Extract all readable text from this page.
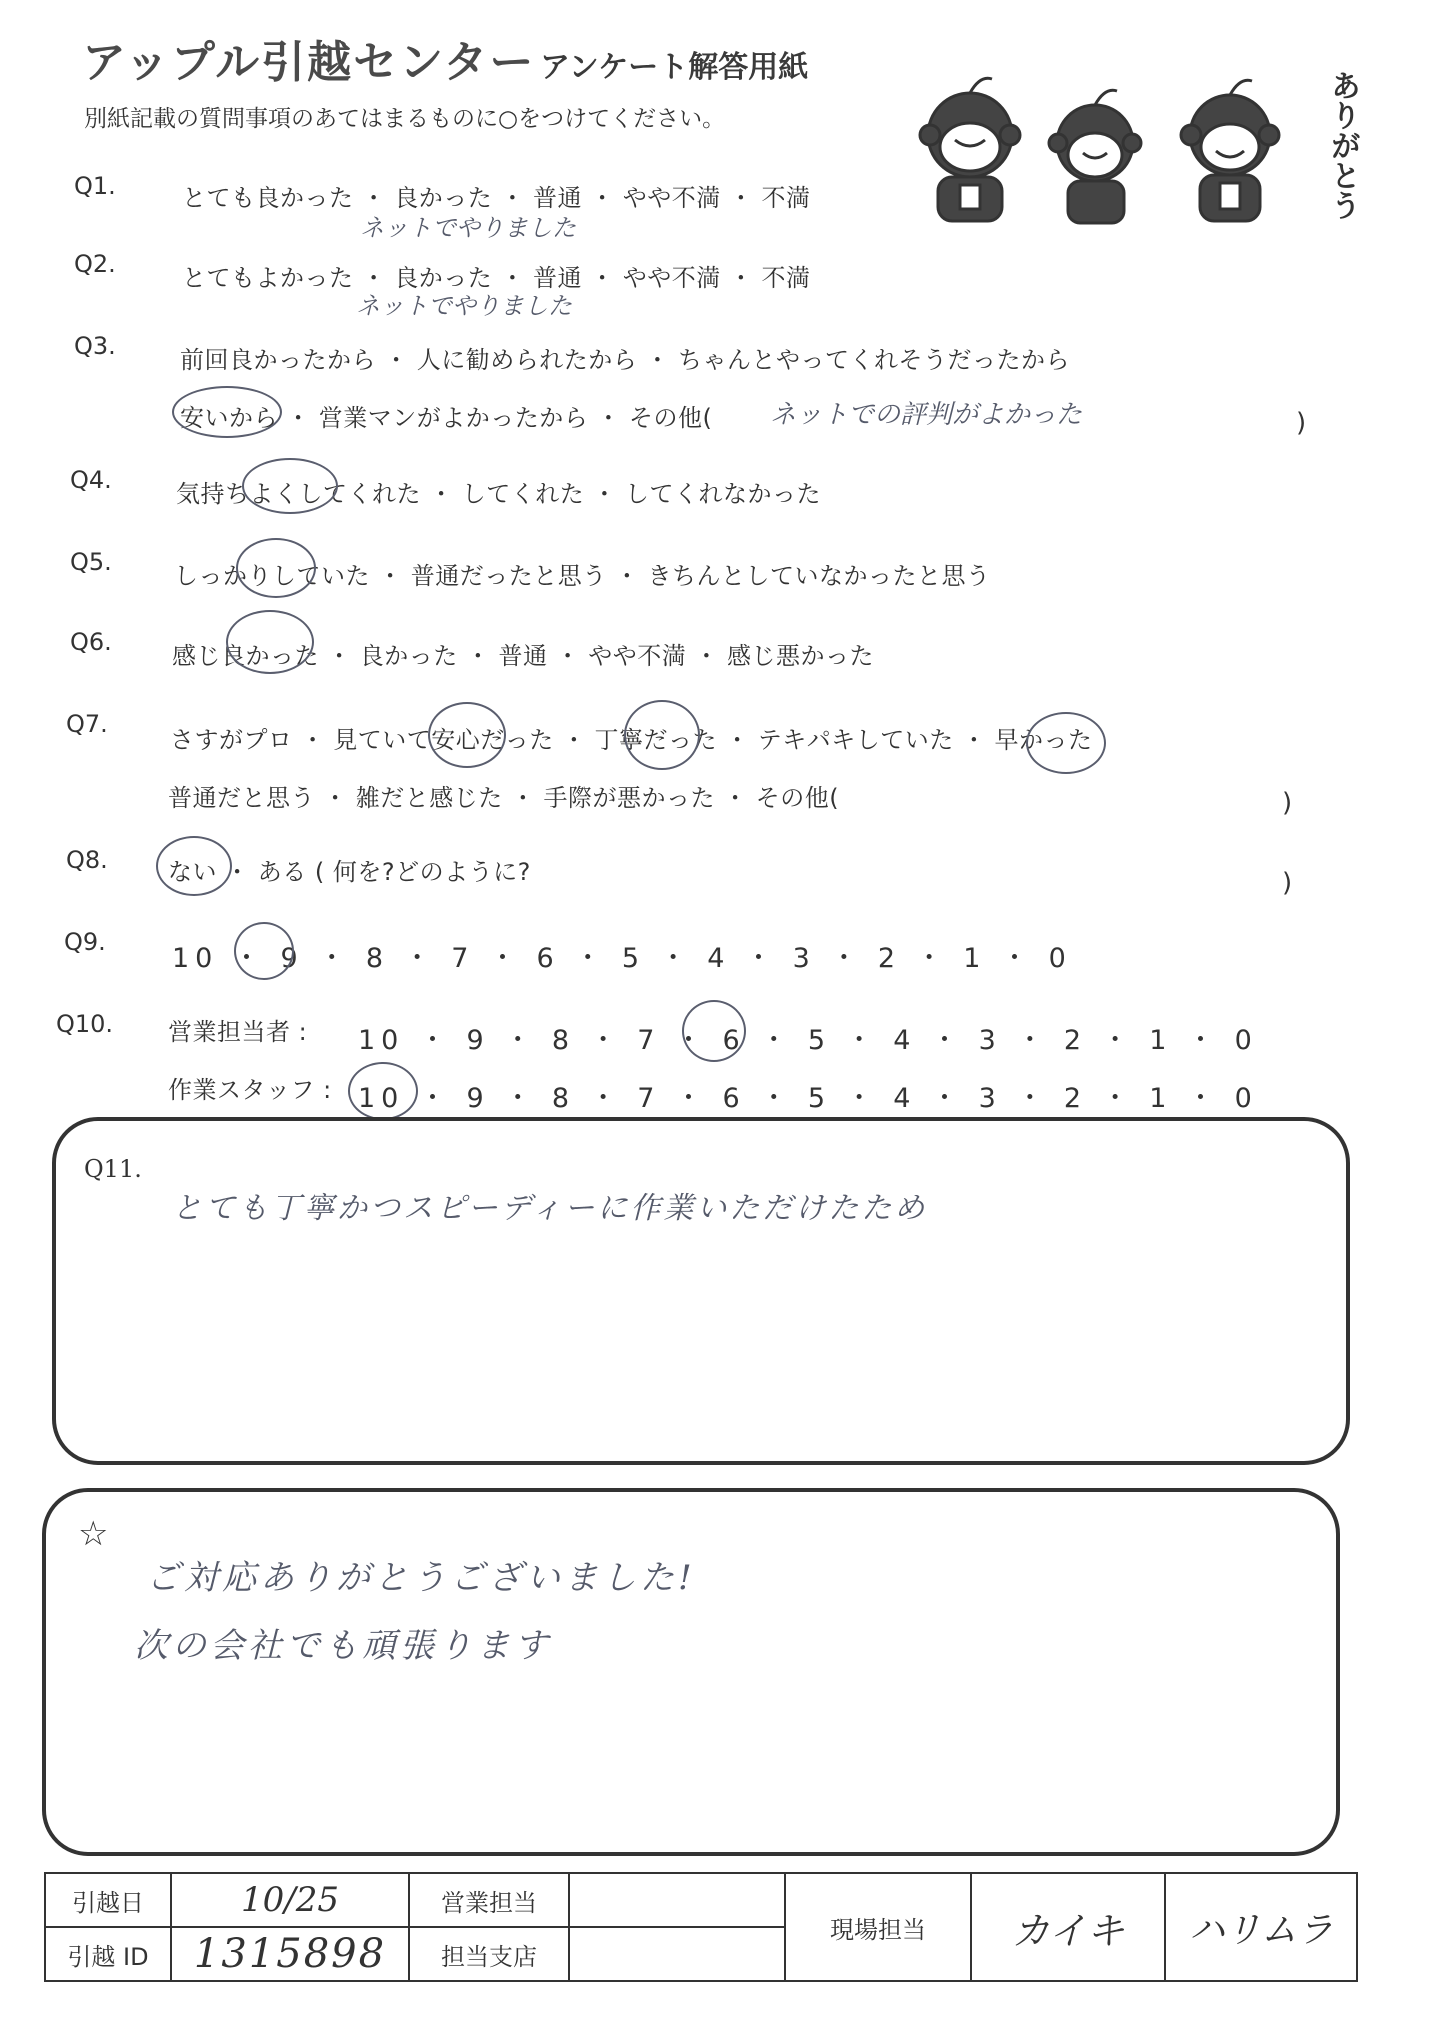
アップル引越センター アンケート解答用紙
別紙記載の質問事項のあてはまるものに○をつけてください。	ありがとう
Q1.	とても良かった ・ 良かった ・ 普通 ・ やや不満 ・ 不満
ネットでやりました
Q2.	とてもよかった ・ 良かった ・ 普通 ・ やや不満 ・ 不満
ネットでやりました
Q3.	前回良かったから ・ 人に勧められたから ・ ちゃんとやってくれそうだったから
安いから ・ 営業マンがよかったから ・ その他( ネットでの評判がよかった	)
Q4.	気持ちよくしてくれた ・ してくれた ・ してくれなかった
Q5.	しっかりしていた ・ 普通だったと思う ・ きちんとしていなかったと思う
Q6.	感じ良かった ・ 良かった ・ 普通 ・ やや不満 ・ 感じ悪かった
Q7.
さすがプロ ・ 見ていて安心だった ・ 丁寧だった ・ テキパキしていた ・ 早かった
普通だと思う ・ 雑だと感じた ・ 手際が悪かった ・ その他(	)
Q8.	ない ・ ある ( 何を?どのように?	)
Q9.
10 ・ 9 ・ 8 ・ 7 ・ 6 ・ 5 ・ 4 ・ 3 ・ 2 ・ 1 ・ 0
Q10. 営業担当者 : 10 ・ 9 ・ 8 ・ 7 ・ 6 ・ 5 ・ 4 ・ 3 ・ 2 ・ 1 ・ 0
作業スタッフ : 10 ・ 9 ・ 8 ・ 7 ・ 6 ・ 5 ・ 4 ・ 3 ・ 2 ・ 1 ・ 0
Q11.
とても丁寧かつスピーディーに作業いただけたため
☆
ご対応ありがとうございました!
次の会社でも頑張ります
引越日	10/25	営業担当		現場担当	カイキ	ハリムラ
引越 ID	1315898	担当支店				
